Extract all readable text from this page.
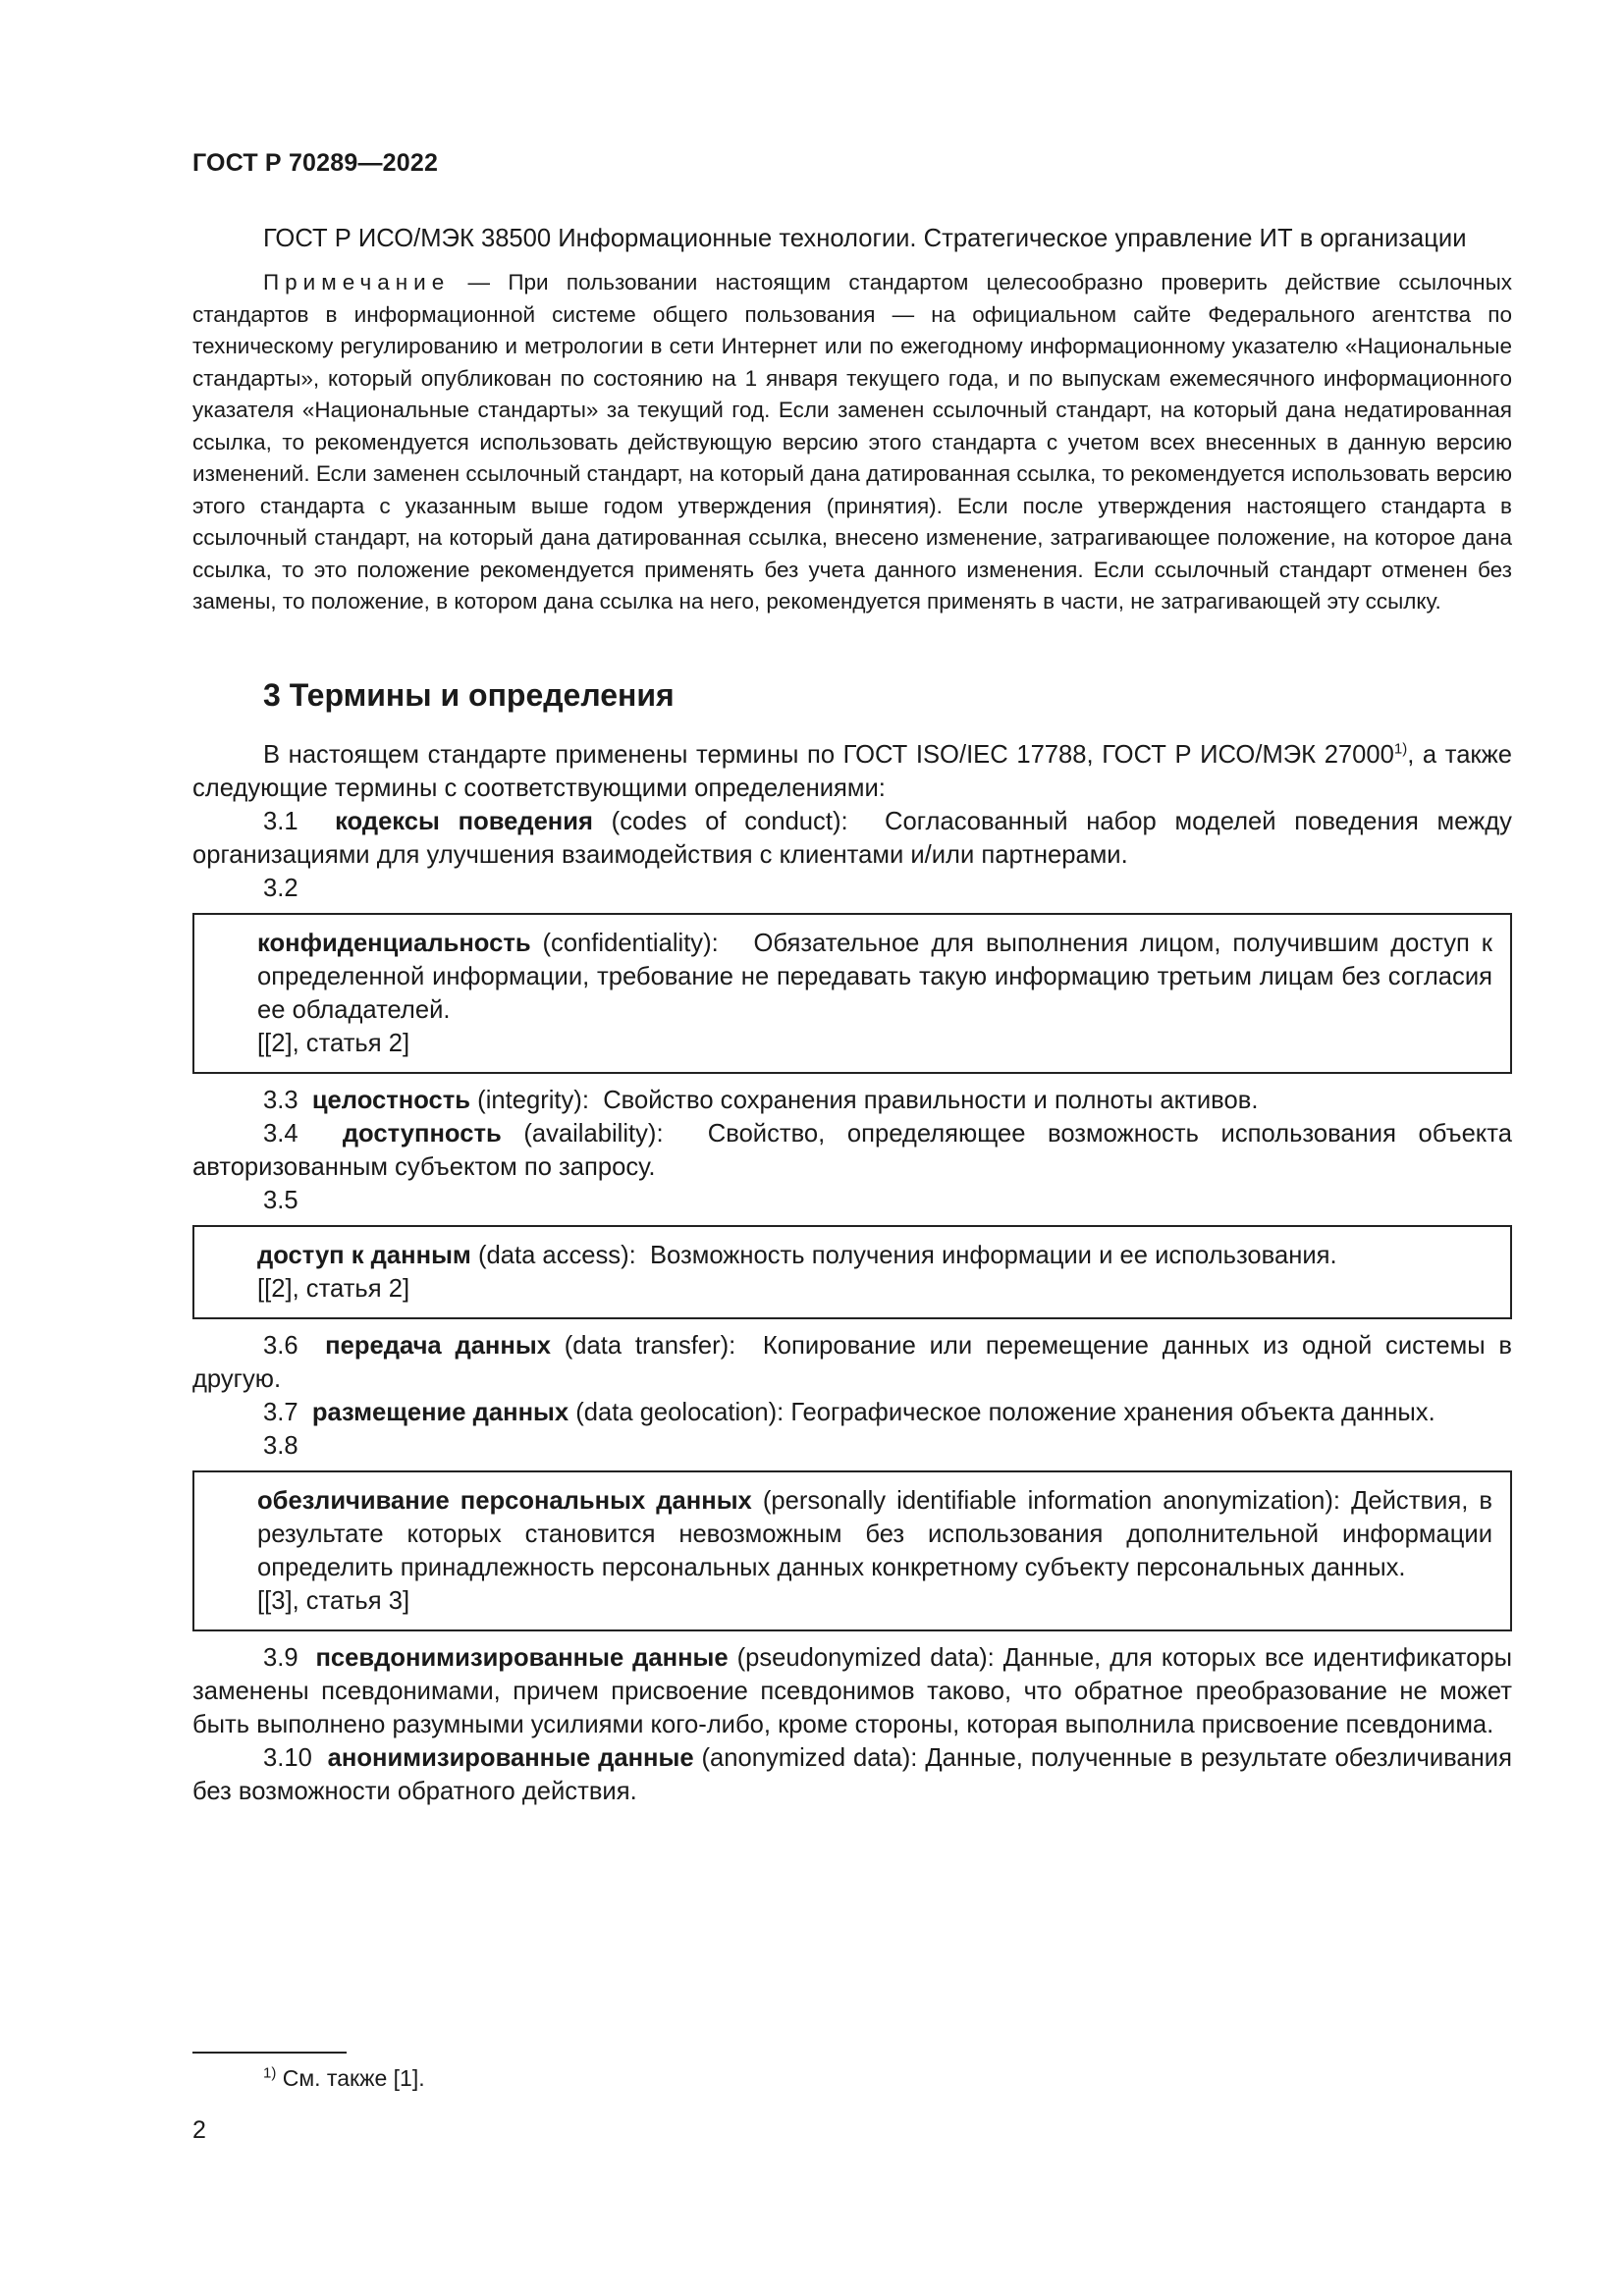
ГОСТ Р 70289—2022

ГОСТ Р ИСО/МЭК 38500 Информационные технологии. Стратегическое управление ИТ в организации

Примечание — При пользовании настоящим стандартом целесообразно проверить действие ссылочных стандартов в информационной системе общего пользования — на официальном сайте Федерального агентства по техническому регулированию и метрологии в сети Интернет или по ежегодному информационному указателю «Национальные стандарты», который опубликован по состоянию на 1 января текущего года, и по выпускам ежемесячного информационного указателя «Национальные стандарты» за текущий год. Если заменен ссылочный стандарт, на который дана недатированная ссылка, то рекомендуется использовать действующую версию этого стандарта с учетом всех внесенных в данную версию изменений. Если заменен ссылочный стандарт, на который дана датированная ссылка, то рекомендуется использовать версию этого стандарта с указанным выше годом утверждения (принятия). Если после утверждения настоящего стандарта в ссылочный стандарт, на который дана датированная ссылка, внесено изменение, затрагивающее положение, на которое дана ссылка, то это положение рекомендуется применять без учета данного изменения. Если ссылочный стандарт отменен без замены, то положение, в котором дана ссылка на него, рекомендуется применять в части, не затрагивающей эту ссылку.

3 Термины и определения

В настоящем стандарте применены термины по ГОСТ ISO/IEC 17788, ГОСТ Р ИСО/МЭК 27000$^{1)}$, а также следующие термины с соответствующими определениями:

3.1 кодексы поведения (codes of conduct): Согласованный набор моделей поведения между организациями для улучшения взаимодействия с клиентами и/или партнерами.

3.2

конфиденциальность (confidentiality): Обязательное для выполнения лицом, получившим доступ к определенной информации, требование не передавать такую информацию третьим лицам без согласия ее обладателей.

[[2], статья 2]

3.3 целостность (integrity): Свойство сохранения правильности и полноты активов.

3.4 доступность (availability): Свойство, определяющее возможность использования объекта авторизованным субъектом по запросу.

3.5

доступ к данным (data access): Возможность получения информации и ее использования.

[[2], статья 2]

3.6 передача данных (data transfer): Копирование или перемещение данных из одной системы в другую.

3.7 размещение данных (data geolocation): Географическое положение хранения объекта данных.

3.8

обезличивание персональных данных (personally identifiable information anonymization): Действия, в результате которых становится невозможным без использования дополнительной информации определить принадлежность персональных данных конкретному субъекту персональных данных.

[[3], статья 3]

3.9 псевдонимизированные данные (pseudonymized data): Данные, для которых все идентификаторы заменены псевдонимами, причем присвоение псевдонимов таково, что обратное преобразование не может быть выполнено разумными усилиями кого-либо, кроме стороны, которая выполнила присвоение псевдонима.

3.10 анонимизированные данные (anonymized data): Данные, полученные в результате обезличивания без возможности обратного действия.

$^{1)}$ См. также [1].
2
